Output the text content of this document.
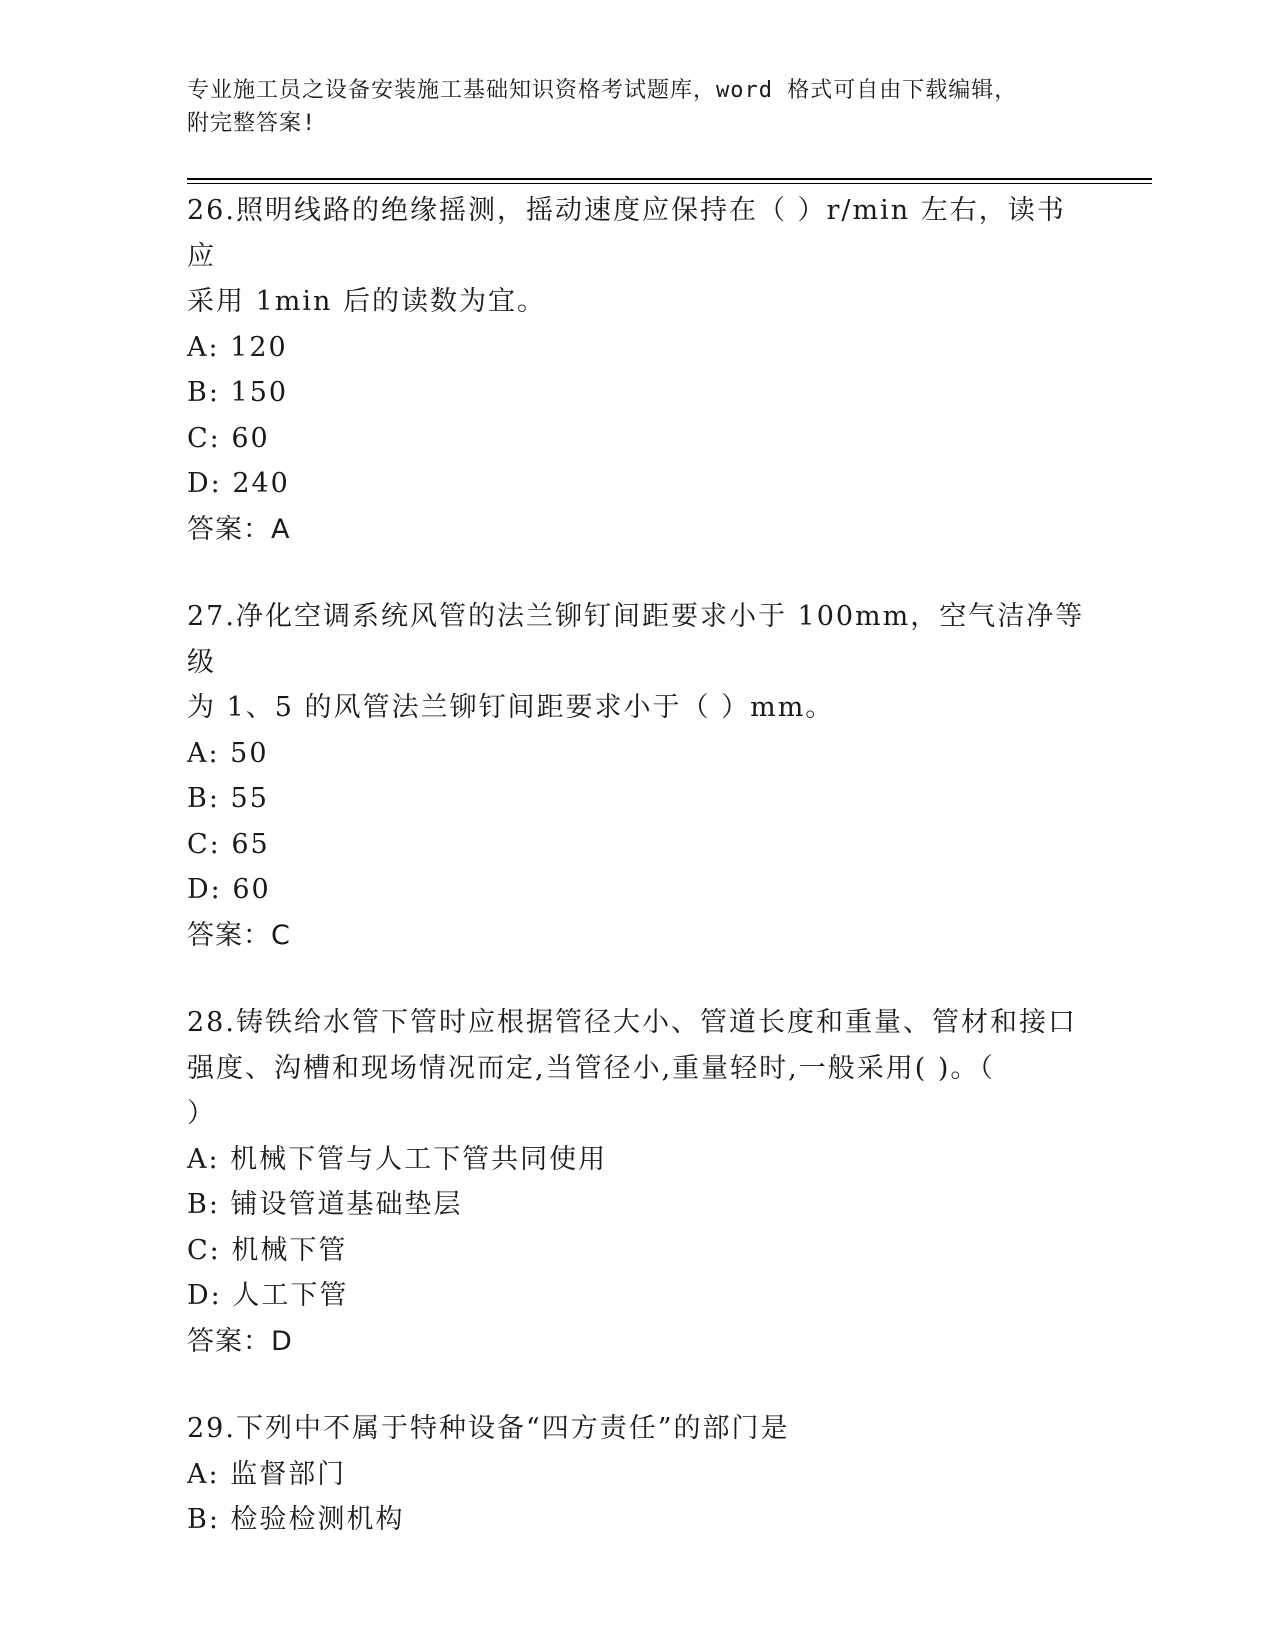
专业施工员之设备安装施工基础知识资格考试题库，word 格式可自由下载编辑，
附完整答案!
26.照明线路的绝缘摇测，摇动速度应保持在（ ）r/min 左右，读书应
采用 1min 后的读数为宜。
A: 120
B: 150
C: 60
D: 240
答案：A
27.净化空调系统风管的法兰铆钉间距要求小于 100mm，空气洁净等级
为 1、5 的风管法兰铆钉间距要求小于（ ）mm。
A: 50
B: 55
C: 65
D: 60
答案：C
28.铸铁给水管下管时应根据管径大小、管道长度和重量、管材和接口
强度、沟槽和现场情况而定,当管径小,重量轻时,一般采用( )。（
）
A: 机械下管与人工下管共同使用
B: 铺设管道基础垫层
C: 机械下管
D: 人工下管
答案：D
29.下列中不属于特种设备“四方责任”的部门是
A: 监督部门
B: 检验检测机构
